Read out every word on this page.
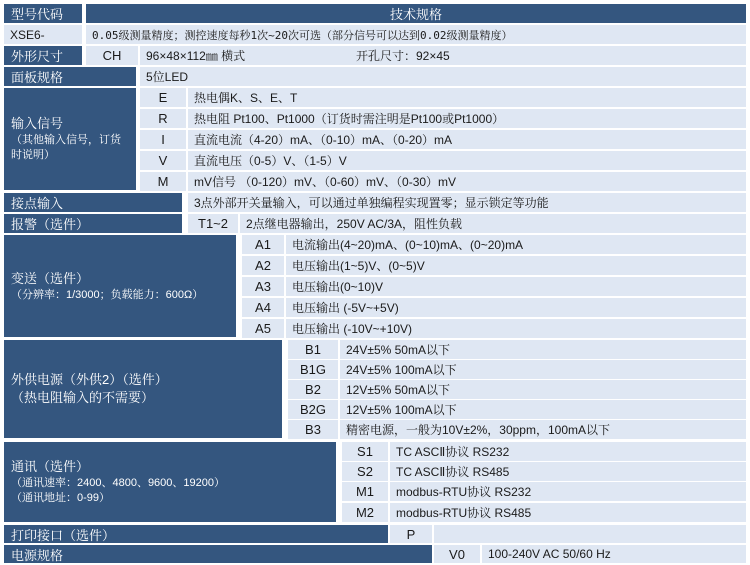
型号代码	技术规格
XSE6-	0.05级测量精度；测控速度每秒1次~20次可选（部分信号可以达到0.02级测量精度）
外形尺寸	CH	96×48×112㎜ 横式	开孔尺寸：92×45
面板规格	5位LED
输入信号
（其他输入信号，订货时说明）
E	热电偶K、S、E、T
R	热电阻 Pt100、Pt1000（订货时需注明是Pt100或Pt1000）
I	直流电流（4-20）mA、（0-10）mA、（0-20）mA
V	直流电压（0-5）V、（1-5）V
M	mV信号 （0-120）mV、（0-60）mV、（0-30）mV
接点输入	3点外部开关量输入，可以通过单独编程实现置零；显示锁定等功能
报警（选件）	T1~2	2点继电器输出，250V AC/3A，阻性负载
变送（选件）
（分辨率：1/3000；负载能力：600Ω）
A1	电流输出(4~20)mA、(0~10)mA、(0~20)mA
A2	电压输出(1~5)V、(0~5)V
A3	电压输出(0~10)V
A4	电压输出 (-5V~+5V)
A5	电压输出 (-10V~+10V)
外供电源（外供2）（选件）
（热电阻输入的不需要）
B1	24V±5% 50mA以下
B1G	24V±5% 100mA以下
B2	12V±5% 50mA以下
B2G	12V±5% 100mA以下
B3	精密电源，一般为10V±2%，30ppm，100mA以下
通讯（选件）
（通讯速率：2400、4800、9600、19200）
（通讯地址：0-99）
S1	TC ASCⅡ协议 RS232
S2	TC ASCⅡ协议 RS485
M1	modbus-RTU协议 RS232
M2	modbus-RTU协议 RS485
打印接口（选件）	P
电源规格	V0	100-240V AC 50/60 Hz
